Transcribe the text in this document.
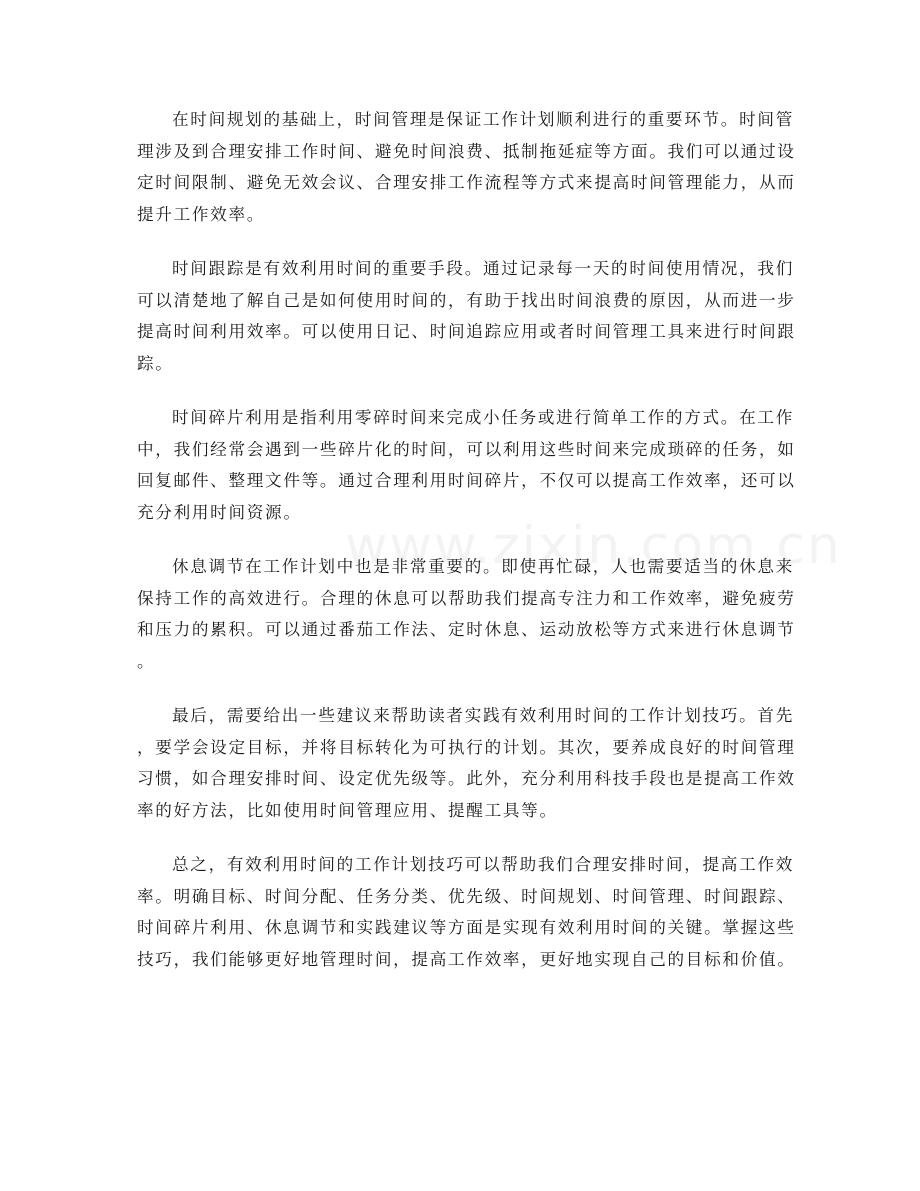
在时间规划的基础上，时间管理是保证工作计划顺利进行的重要环节。时间管
理涉及到合理安排工作时间、避免时间浪费、抵制拖延症等方面。我们可以通过设
定时间限制、避免无效会议、合理安排工作流程等方式来提高时间管理能力，从而
提升工作效率。

时间跟踪是有效利用时间的重要手段。通过记录每一天的时间使用情况，我们
可以清楚地了解自己是如何使用时间的，有助于找出时间浪费的原因，从而进一步
提高时间利用效率。可以使用日记、时间追踪应用或者时间管理工具来进行时间跟
踪。

时间碎片利用是指利用零碎时间来完成小任务或进行简单工作的方式。在工作
中，我们经常会遇到一些碎片化的时间，可以利用这些时间来完成琐碎的任务，如
回复邮件、整理文件等。通过合理利用时间碎片，不仅可以提高工作效率，还可以
充分利用时间资源。

休息调节在工作计划中也是非常重要的。即使再忙碌，人也需要适当的休息来
保持工作的高效进行。合理的休息可以帮助我们提高专注力和工作效率，避免疲劳
和压力的累积。可以通过番茄工作法、定时休息、运动放松等方式来进行休息调节
。

最后，需要给出一些建议来帮助读者实践有效利用时间的工作计划技巧。首先
，要学会设定目标，并将目标转化为可执行的计划。其次，要养成良好的时间管理
习惯，如合理安排时间、设定优先级等。此外，充分利用科技手段也是提高工作效
率的好方法，比如使用时间管理应用、提醒工具等。

总之，有效利用时间的工作计划技巧可以帮助我们合理安排时间，提高工作效
率。明确目标、时间分配、任务分类、优先级、时间规划、时间管理、时间跟踪、
时间碎片利用、休息调节和实践建议等方面是实现有效利用时间的关键。掌握这些
技巧，我们能够更好地管理时间，提高工作效率，更好地实现自己的目标和价值。
